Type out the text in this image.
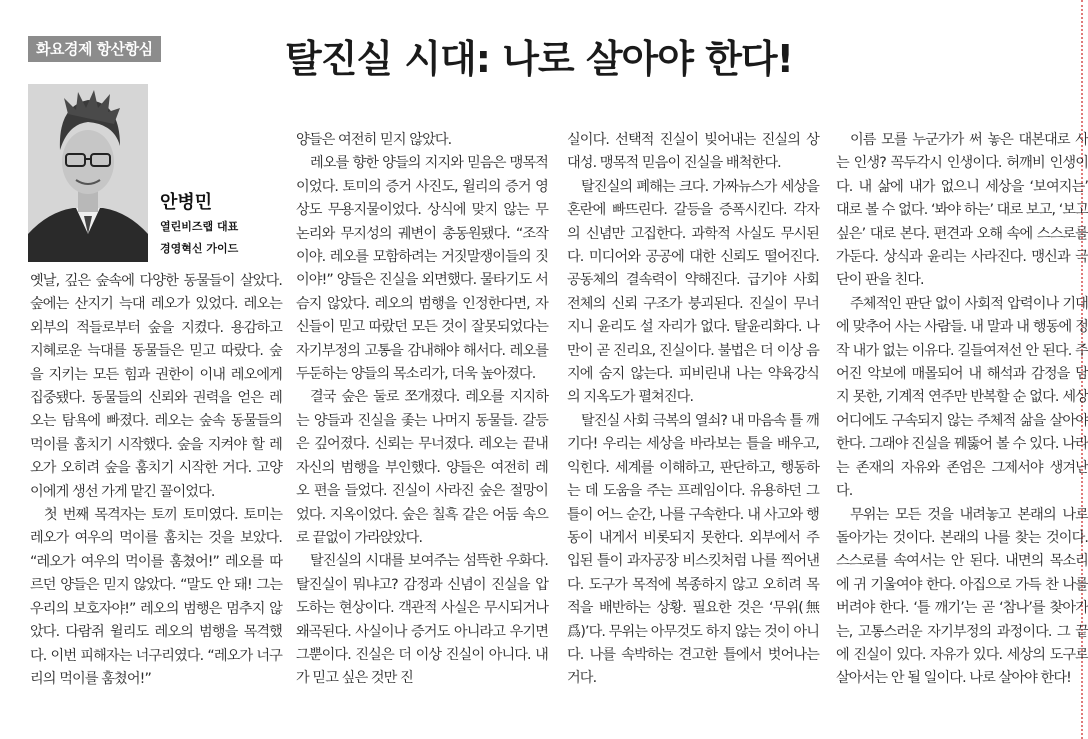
화요경제 항산항심	탈진실 시대: 나로 살아야 한다!
안병민
열린비즈랩 대표
경영혁신 가이드

옛날, 깊은 숲속에 다양한 동물들이 살았다. 숲에는 산지기 늑대 레오가 있었다. 레오는 외부의 적들로부터 숲을 지켰다. 용감하고 지혜로운 늑대를 동물들은 믿고 따랐다. 숲을 지키는 모든 힘과 권한이 이내 레오에게 집중됐다. 동물들의 신뢰와 권력을 얻은 레오는 탐욕에 빠졌다. 레오는 숲속 동물들의 먹이를 훔치기 시작했다. 숲을 지켜야 할 레오가 오히려 숲을 훔치기 시작한 거다. 고양이에게 생선 가게 맡긴 꼴이었다.

첫 번째 목격자는 토끼 토미였다. 토미는 레오가 여우의 먹이를 훔치는 것을 보았다. “레오가 여우의 먹이를 훔쳤어!” 레오를 따르던 양들은 믿지 않았다. “말도 안 돼! 그는 우리의 보호자야!” 레오의 범행은 멈추지 않았다. 다람쥐 윌리도 레오의 범행을 목격했다. 이번 피해자는 너구리였다. “레오가 너구리의 먹이를 훔쳤어!”

양들은 여전히 믿지 않았다.

레오를 향한 양들의 지지와 믿음은 맹목적이었다. 토미의 증거 사진도, 윌리의 증거 영상도 무용지물이었다. 상식에 맞지 않는 무논리와 무지성의 궤변이 총동원됐다. “조작이야. 레오를 모함하려는 거짓말쟁이들의 짓이야!” 양들은 진실을 외면했다. 물타기도 서슴지 않았다. 레오의 범행을 인정한다면, 자신들이 믿고 따랐던 모든 것이 잘못되었다는 자기부정의 고통을 감내해야 해서다. 레오를 두둔하는 양들의 목소리가, 더욱 높아졌다.

결국 숲은 둘로 쪼개졌다. 레오를 지지하는 양들과 진실을 좇는 나머지 동물들. 갈등은 깊어졌다. 신뢰는 무너졌다. 레오는 끝내 자신의 범행을 부인했다. 양들은 여전히 레오 편을 들었다. 진실이 사라진 숲은 절망이었다. 지옥이었다. 숲은 칠흑 같은 어둠 속으로 끝없이 가라앉았다.

탈진실의 시대를 보여주는 섬뜩한 우화다. 탈진실이 뭐냐고? 감정과 신념이 진실을 압도하는 현상이다. 객관적 사실은 무시되거나 왜곡된다. 사실이나 증거도 아니라고 우기면 그뿐이다. 진실은 더 이상 진실이 아니다. 내가 믿고 싶은 것만 진

실이다. 선택적 진실이 빚어내는 진실의 상대성. 맹목적 믿음이 진실을 배척한다.

탈진실의 폐해는 크다. 가짜뉴스가 세상을 혼란에 빠뜨린다. 갈등을 증폭시킨다. 각자의 신념만 고집한다. 과학적 사실도 무시된다. 미디어와 공공에 대한 신뢰도 떨어진다. 공동체의 결속력이 약해진다. 급기야 사회 전체의 신뢰 구조가 붕괴된다. 진실이 무너지니 윤리도 설 자리가 없다. 탈윤리화다. 나만이 곧 진리요, 진실이다. 불법은 더 이상 음지에 숨지 않는다. 피비린내 나는 약육강식의 지옥도가 펼쳐진다.

탈진실 사회 극복의 열쇠? 내 마음속 틀 깨기다! 우리는 세상을 바라보는 틀을 배우고, 익힌다. 세계를 이해하고, 판단하고, 행동하는 데 도움을 주는 프레임이다. 유용하던 그 틀이 어느 순간, 나를 구속한다. 내 사고와 행동이 내게서 비롯되지 못한다. 외부에서 주입된 틀이 과자공장 비스킷처럼 나를 찍어낸다. 도구가 목적에 복종하지 않고 오히려 목적을 배반하는 상황. 필요한 것은 ‘무위(無爲)’다. 무위는 아무것도 하지 않는 것이 아니다. 나를 속박하는 견고한 틀에서 벗어나는 거다.

이름 모를 누군가가 써 놓은 대본대로 사는 인생? 꼭두각시 인생이다. 허깨비 인생이다. 내 삶에 내가 없으니 세상을 ‘보여지는’ 대로 볼 수 없다. ‘봐야 하는’ 대로 보고, ‘보고 싶은’ 대로 본다. 편견과 오해 속에 스스로를 가둔다. 상식과 윤리는 사라진다. 맹신과 극단이 판을 친다.

주체적인 판단 없이 사회적 압력이나 기대에 맞추어 사는 사람들. 내 말과 내 행동에 정작 내가 없는 이유다. 길들여져선 안 된다. 주어진 악보에 매몰되어 내 해석과 감정을 담지 못한, 기계적 연주만 반복할 순 없다. 세상 어디에도 구속되지 않는 주체적 삶을 살아야 한다. 그래야 진실을 꿰뚫어 볼 수 있다. 나라는 존재의 자유와 존엄은 그제서야 생겨난다.

무위는 모든 것을 내려놓고 본래의 나로 돌아가는 것이다. 본래의 나를 찾는 것이다. 스스로를 속여서는 안 된다. 내면의 목소리에 귀 기울여야 한다. 아집으로 가득 찬 나를 버려야 한다. ‘틀 깨기’는 곧 ‘참나’를 찾아가는, 고통스러운 자기부정의 과정이다. 그 끝에 진실이 있다. 자유가 있다. 세상의 도구로 살아서는 안 될 일이다. 나로 살아야 한다!
